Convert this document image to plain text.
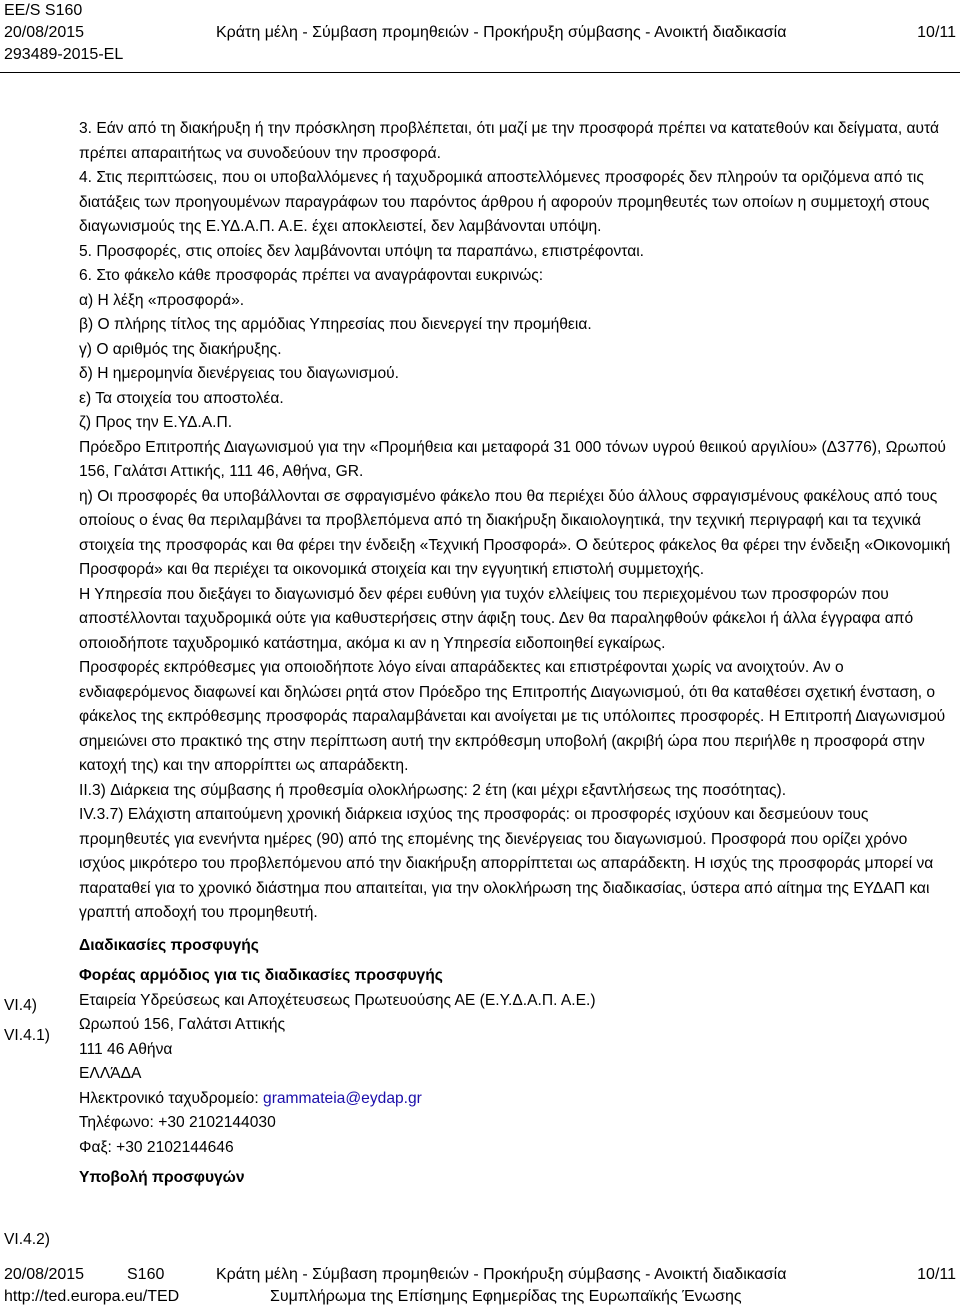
EE/S S160
20/08/2015	Κράτη μέλη - Σύμβαση προμηθειών - Προκήρυξη σύμβασης - Ανοικτή διαδικασία	10/11
293489-2015-EL

3. Εάν από τη διακήρυξη ή την πρόσκληση προβλέπεται, ότι μαζί με την προσφορά πρέπει να κατατεθούν και δείγματα, αυτά πρέπει απαραιτήτως να συνοδεύουν την προσφορά.

4. Στις περιπτώσεις, που οι υποβαλλόμενες ή ταχυδρομικά αποστελλόμενες προσφορές δεν πληρούν τα οριζόμενα από τις διατάξεις των προηγουμένων παραγράφων του παρόντος άρθρου ή αφορούν προμηθευτές των οποίων η συμμετοχή στους διαγωνισμούς της Ε.ΥΔ.Α.Π. Α.Ε. έχει αποκλειστεί, δεν λαμβάνονται υπόψη.

5. Προσφορές, στις οποίες δεν λαμβάνονται υπόψη τα παραπάνω, επιστρέφονται.

6. Στο φάκελο κάθε προσφοράς πρέπει να αναγράφονται ευκρινώς:

α) Η λέξη «προσφορά».

β) Ο πλήρης τίτλος της αρμόδιας Υπηρεσίας που διενεργεί την προμήθεια.

γ) Ο αριθμός της διακήρυξης.

δ) Η ημερομηνία διενέργειας του διαγωνισμού.

ε) Τα στοιχεία του αποστολέα.

ζ) Προς την Ε.ΥΔ.Α.Π.

Πρόεδρο Επιτροπής Διαγωνισμού για την «Προμήθεια και μεταφορά 31 000 τόνων υγρού θειικού αργιλίου» (Δ3776), Ωρωπού 156, Γαλάτσι Αττικής, 111 46, Αθήνα, GR.

η) Οι προσφορές θα υποβάλλονται σε σφραγισμένο φάκελο που θα περιέχει δύο άλλους σφραγισμένους φακέλους από τους οποίους ο ένας θα περιλαμβάνει τα προβλεπόμενα από τη διακήρυξη δικαιολογητικά, την τεχνική περιγραφή και τα τεχνικά στοιχεία της προσφοράς και θα φέρει την ένδειξη «Τεχνική Προσφορά». Ο δεύτερος φάκελος θα φέρει την ένδειξη «Οικονομική Προσφορά» και θα περιέχει τα οικονομικά στοιχεία και την εγγυητική επιστολή συμμετοχής.

Η Υπηρεσία που διεξάγει το διαγωνισμό δεν φέρει ευθύνη για τυχόν ελλείψεις του περιεχομένου των προσφορών που αποστέλλονται ταχυδρομικά ούτε για καθυστερήσεις στην άφιξη τους. Δεν θα παραληφθούν φάκελοι ή άλλα έγγραφα από οποιοδήποτε ταχυδρομικό κατάστημα, ακόμα κι αν η Υπηρεσία ειδοποιηθεί εγκαίρως.

Προσφορές εκπρόθεσμες για οποιοδήποτε λόγο είναι απαράδεκτες και επιστρέφονται χωρίς να ανοιχτούν. Αν ο ενδιαφερόμενος διαφωνεί και δηλώσει ρητά στον Πρόεδρο της Επιτροπής Διαγωνισμού, ότι θα καταθέσει σχετική ένσταση, ο φάκελος της εκπρόθεσμης προσφοράς παραλαμβάνεται και ανοίγεται με τις υπόλοιπες προσφορές. Η Επιτροπή Διαγωνισμού σημειώνει στο πρακτικό της στην περίπτωση αυτή την εκπρόθεσμη υποβολή (ακριβή ώρα που περιήλθε η προσφορά στην κατοχή της) και την απορρίπτει ως απαράδεκτη.

II.3) Διάρκεια της σύμβασης ή προθεσμία ολοκλήρωσης: 2 έτη (και μέχρι εξαντλήσεως της ποσότητας).

IV.3.7) Ελάχιστη απαιτούμενη χρονική διάρκεια ισχύος της προσφοράς: οι προσφορές ισχύουν και δεσμεύουν τους προμηθευτές για ενενήντα ημέρες (90) από της επομένης της διενέργειας του διαγωνισμού. Προσφορά που ορίζει χρόνο ισχύος μικρότερο του προβλεπόμενου από την διακήρυξη απορρίπτεται ως απαράδεκτη. Η ισχύς της προσφοράς μπορεί να παραταθεί για το χρονικό διάστημα που απαιτείται, για την ολοκλήρωση της διαδικασίας, ύστερα από αίτημα της ΕΥΔΑΠ και γραπτή αποδοχή του προμηθευτή.

Διαδικασίες προσφυγής

Φορέας αρμόδιος για τις διαδικασίες προσφυγής

Εταιρεία Υδρεύσεως και Αποχέτευσεως Πρωτευούσης ΑΕ (Ε.Υ.Δ.Α.Π. Α.Ε.)

Ωρωπού 156, Γαλάτσι Αττικής

111 46 Αθήνα

ΕΛΛΆΔΑ

Ηλεκτρονικό ταχυδρομείο: grammateia@eydap.gr

Τηλέφωνο: +30 2102144030

Φαξ: +30 2102144646

Υποβολή προσφυγών

VI.4)
VI.4.1)
VI.4.2)
20/08/2015	S160	Κράτη μέλη - Σύμβαση προμηθειών - Προκήρυξη σύμβασης - Ανοικτή διαδικασία	10/11
http://ted.europa.eu/TED	Συμπλήρωμα της Επίσημης Εφημερίδας της Ευρωπαϊκής Ένωσης
